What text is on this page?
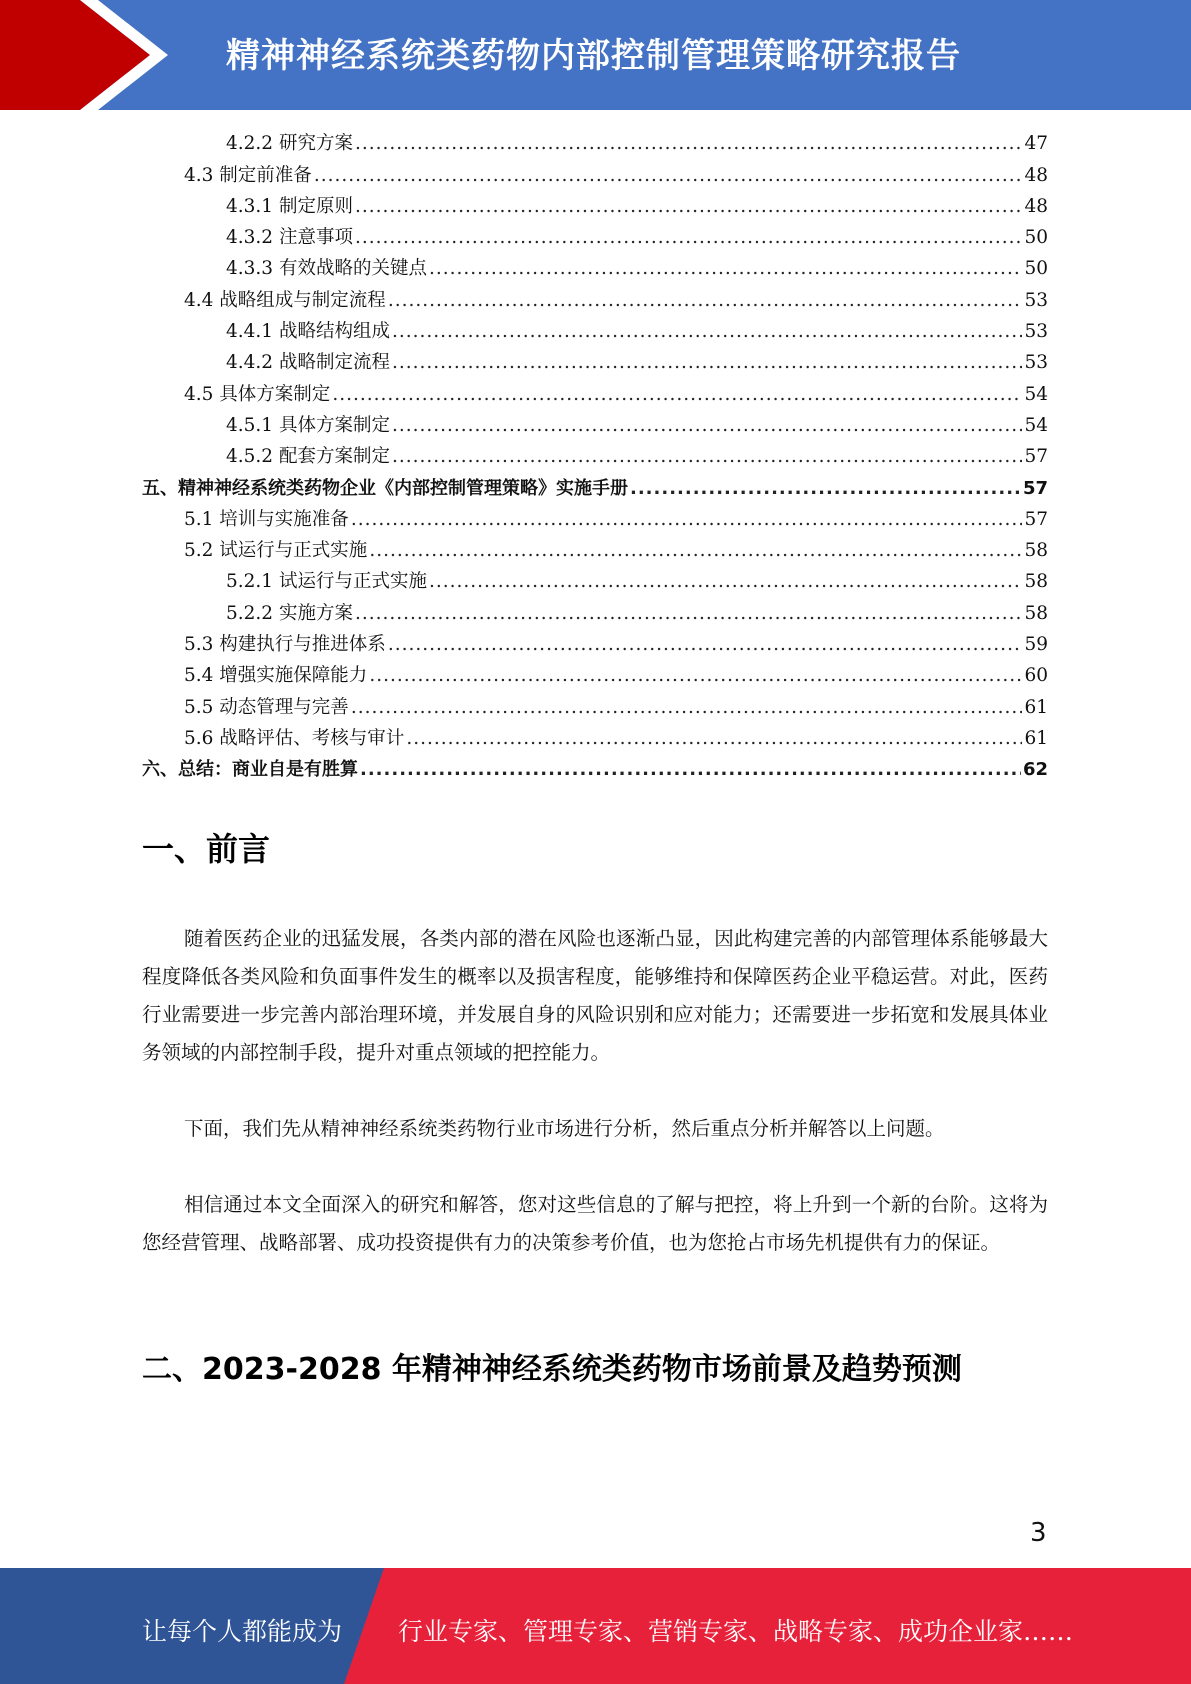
精神神经系统类药物内部控制管理策略研究报告
4.2.2 研究方案 .....	47
4.3 制定前准备 .....	48
4.3.1 制定原则 .....	48
4.3.2 注意事项 .....	50
4.3.3 有效战略的关键点 .....	50
4.4 战略组成与制定流程 .....	53
4.4.1 战略结构组成 .....	53
4.4.2 战略制定流程 .....	53
4.5 具体方案制定 .....	54
4.5.1 具体方案制定 .....	54
4.5.2 配套方案制定 .....	57
五、精神神经系统类药物企业《内部控制管理策略》实施手册 .....	57
5.1 培训与实施准备 .....	57
5.2 试运行与正式实施 .....	58
5.2.1 试运行与正式实施 .....	58
5.2.2 实施方案 .....	58
5.3 构建执行与推进体系 .....	59
5.4 增强实施保障能力 .....	60
5.5 动态管理与完善 .....	61
5.6 战略评估、考核与审计 .....	61
六、总结：商业自是有胜算 .....	62
一、前言
随着医药企业的迅猛发展，各类内部的潜在风险也逐渐凸显，因此构建完善的内部管理体系能够最大程度降低各类风险和负面事件发生的概率以及损害程度，能够维持和保障医药企业平稳运营。对此，医药行业需要进一步完善内部治理环境，并发展自身的风险识别和应对能力；还需要进一步拓宽和发展具体业务领域的内部控制手段，提升对重点领域的把控能力。
下面，我们先从精神神经系统类药物行业市场进行分析，然后重点分析并解答以上问题。
相信通过本文全面深入的研究和解答，您对这些信息的了解与把控，将上升到一个新的台阶。这将为您经营管理、战略部署、成功投资提供有力的决策参考价值，也为您抢占市场先机提供有力的保证。
二、2023-2028 年精神神经系统类药物市场前景及趋势预测
3
让每个人都能成为 行业专家、管理专家、营销专家、战略专家、成功企业家……
